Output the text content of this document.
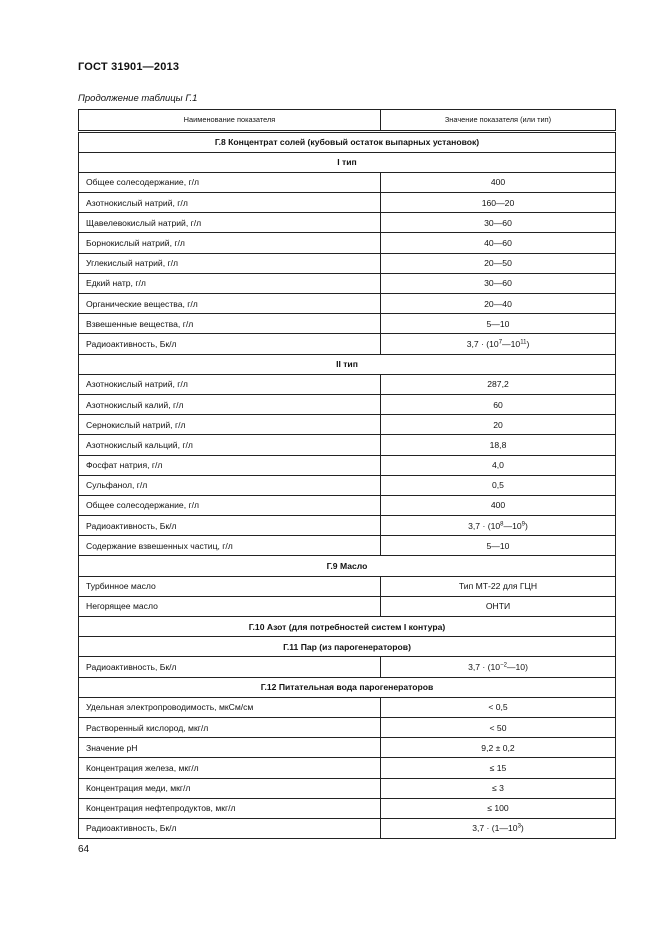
ГОСТ 31901—2013
Продолжение таблицы Г.1
Наименование показателя	Значение показателя (или тип)
Г.8 Концентрат солей (кубовый остаток выпарных установок)	
I тип	
Общее солесодержание, г/л	400
Азотнокислый натрий, г/л	160—20
Щавелевокислый натрий, г/л	30—60
Борнокислый натрий, г/л	40—60
Углекислый натрий, г/л	20—50
Едкий натр, г/л	30—60
Органические вещества, г/л	20—40
Взвешенные вещества, г/л	5—10
Радиоактивность, Бк/л	$3,7 \cdot (10^7—10^{11})$
II тип	
Азотнокислый натрий, г/л	287,2
Азотнокислый калий, г/л	60
Сернокислый натрий, г/л	20
Азотнокислый кальций, г/л	18,8
Фосфат натрия, г/л	4,0
Сульфанол, г/л	0,5
Общее солесодержание, г/л	400
Радиоактивность, Бк/л	$3,7 \cdot (10^8—10^9)$
Содержание взвешенных частиц, г/л	5—10
Г.9 Масло	
Турбинное масло	Тип МТ-22 для ГЦН
Негорящее масло	ОНТИ
Г.10 Азот (для потребностей систем I контура)	
Г.11 Пар (из парогенераторов)	
Радиоактивность, Бк/л	$3,7 \cdot (10^{-2}—10)$
Г.12 Питательная вода парогенераторов	
Удельная электропроводимость, мкСм/см	< 0,5
Растворенный кислород, мкг/л	< 50
Значение pH	9,2 ± 0,2
Концентрация железа, мкг/л	≤ 15
Концентрация меди, мкг/л	≤ 3
Концентрация нефтепродуктов, мкг/л	≤ 100
Радиоактивность, Бк/л	$3,7 \cdot (1—10^3)$
64
